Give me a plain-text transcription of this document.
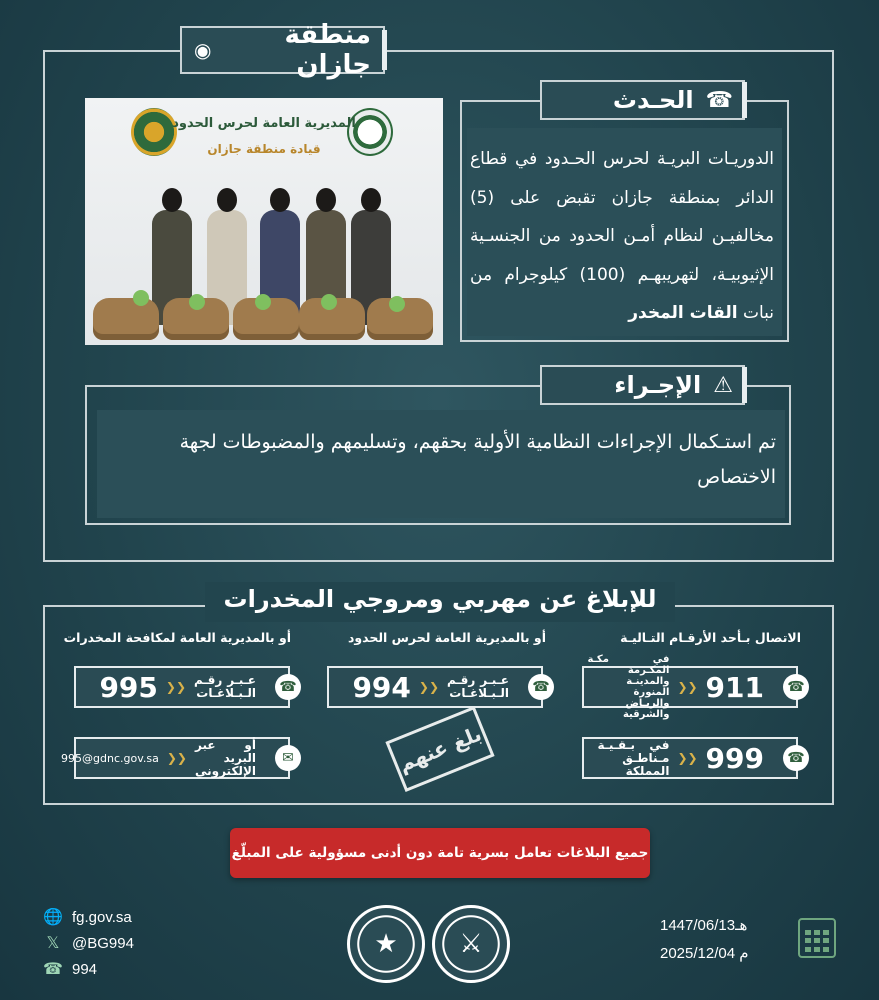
◉	منطقة جازان
المديرية العامة لحرس الحدود
قيادة منطقة جازان
الحـدث ☎
الدوريـات البريـة لحرس الحـدود في قطاع الدائر بمنطقة جازان تقبض على (5) مخالفيـن لنظام أمـن الحدود من الجنسـية الإثيوبيـة، لتهريبهـم (100) كيلوجرام من نبات القات المخدر
الإجـراء ⚠
تم استـكمال الإجراءات النظامية الأولية بحقهم، وتسليمهم والمضبوطات لجهة الاختصاص
للإبلاغ عن مهربي ومروجي المخدرات
الاتصال بـأحد الأرقـام التـاليـة
أو بالمديرية العامة لحرس الحدود
أو بالمديرية العامة لمكافحة المخدرات
☎
911
❮❮
في مكـة المكـرمة والمدينـة المنورة والريـاض والشرقية
☎
999
❮❮
في بـقـيـة مـناطـق المملكة
☎
عـبـر رقـم الـبـلاغـات
❮❮
994
بلغ عنهم
☎
عـبـر رقـم الـبـلاغـات
❮❮
995
✉
أو عبر البريد الإلكتروني
❮❮
995@gdnc.gov.sa
جميع البلاغات تعامل بسرية تامة دون أدنى مسؤولية على المبلّغ
🌐 fg.gov.sa
𝕏 @BG994
☎ 994
★ ⚔
1447/06/13هـ
2025/12/04 م
